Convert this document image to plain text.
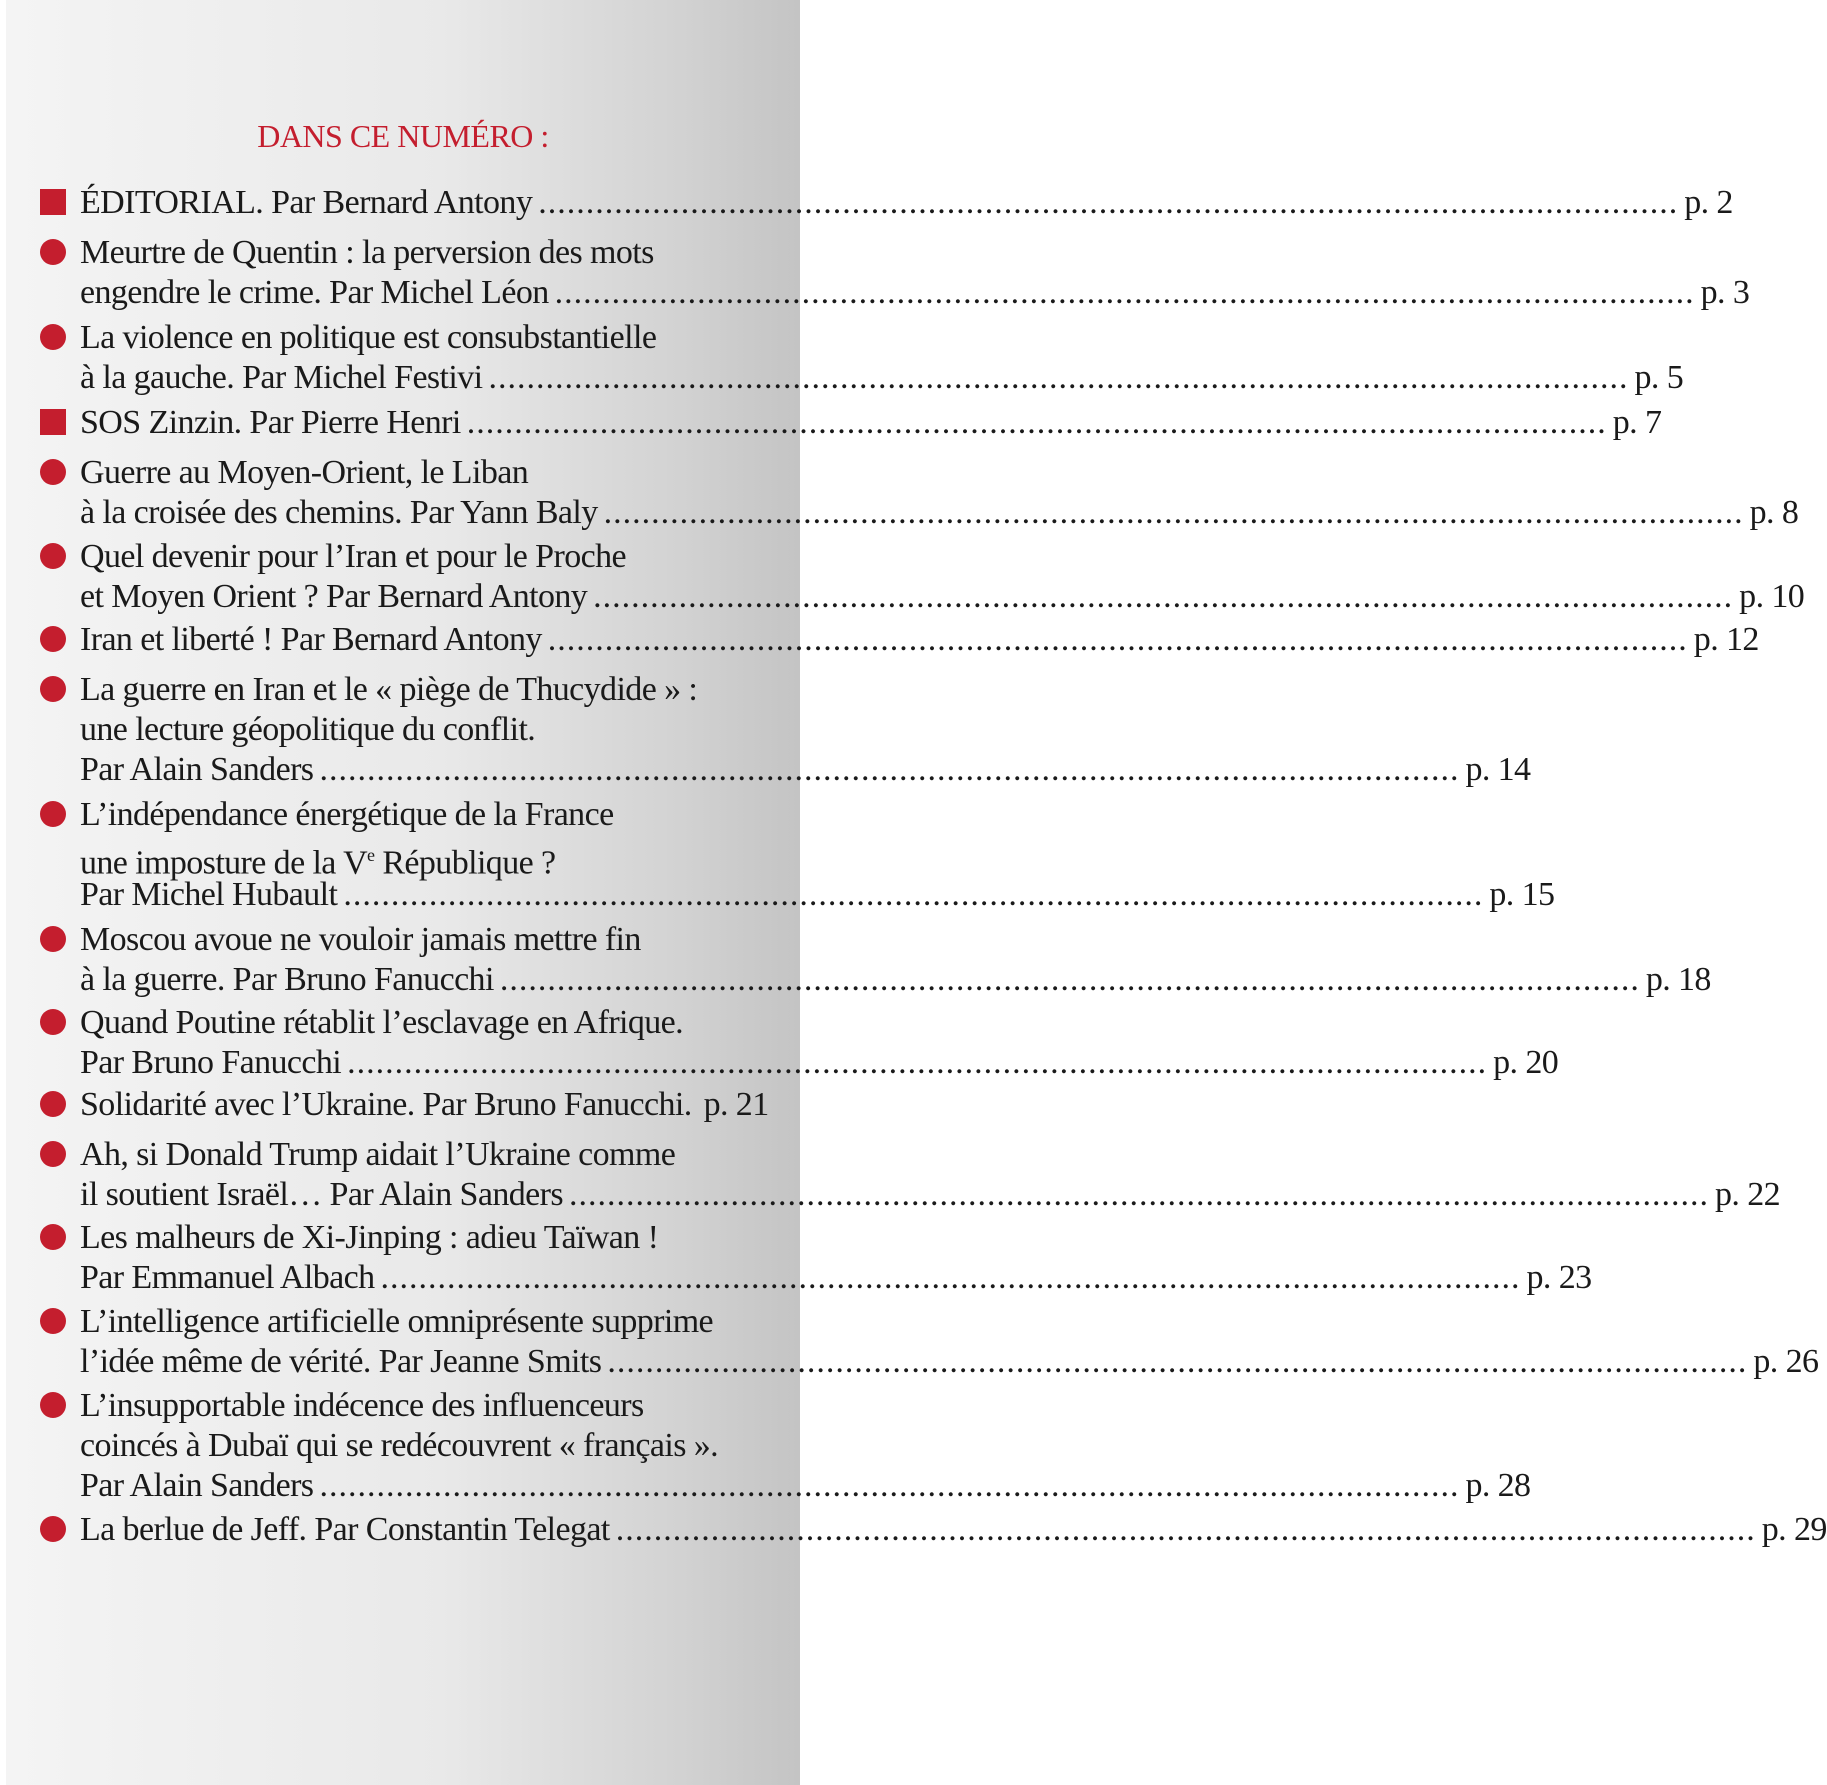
DANS CE NUMÉRO :
ÉDITORIAL. Par Bernard Antony ........................................................................................................................ p. 2
Meurtre de Quentin : la perversion des mots
engendre le crime. Par Michel Léon ........................................................................................................................ p. 3
La violence en politique est consubstantielle
à la gauche. Par Michel Festivi ........................................................................................................................ p. 5
SOS Zinzin. Par Pierre Henri ........................................................................................................................ p. 7
Guerre au Moyen-Orient, le Liban
à la croisée des chemins. Par Yann Baly ........................................................................................................................ p. 8
Quel devenir pour l’Iran et pour le Proche
et Moyen Orient ? Par Bernard Antony ........................................................................................................................ p. 10
Iran et liberté ! Par Bernard Antony ........................................................................................................................ p. 12
La guerre en Iran et le « piège de Thucydide » :
une lecture géopolitique du conflit.
Par Alain Sanders ........................................................................................................................ p. 14
L’indépendance énergétique de la France
une imposture de la Ve République ?
Par Michel Hubault ........................................................................................................................ p. 15
Moscou avoue ne vouloir jamais mettre fin
à la guerre. Par Bruno Fanucchi ........................................................................................................................ p. 18
Quand Poutine rétablit l’esclavage en Afrique.
Par Bruno Fanucchi ........................................................................................................................ p. 20
Solidarité avec l’Ukraine. Par Bruno Fanucchi. p. 21
Ah, si Donald Trump aidait l’Ukraine comme
il soutient Israël… Par Alain Sanders ........................................................................................................................ p. 22
Les malheurs de Xi-Jinping : adieu Taïwan !
Par Emmanuel Albach ........................................................................................................................ p. 23
L’intelligence artificielle omniprésente supprime
l’idée même de vérité. Par Jeanne Smits ........................................................................................................................ p. 26
L’insupportable indécence des influenceurs
coincés à Dubaï qui se redécouvrent « français ».
Par Alain Sanders ........................................................................................................................ p. 28
La berlue de Jeff. Par Constantin Telegat ........................................................................................................................ p. 29
